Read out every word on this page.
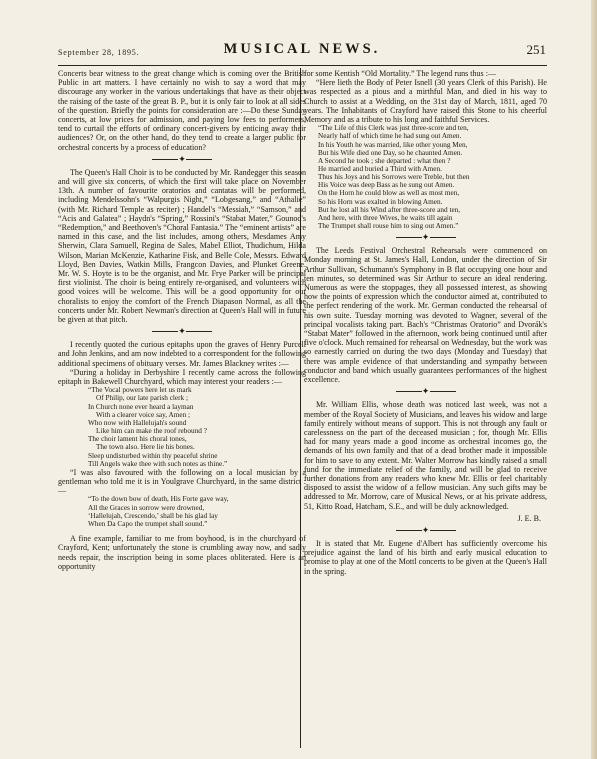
September 28, 1895.	MUSICAL NEWS.	251

Concerts bear witness to the great change which is coming over the British Public in art matters. I have certainly no wish to say a word that may discourage any worker in the various undertakings that have as their object the raising of the taste of the great B. P., but it is only fair to look at all sides of the question. Briefly the points for consideration are :—Do these Sunday concerts, at low prices for admission, and paying low fees to performers, tend to curtail the efforts of ordinary concert-givers by enticing away their audiences? Or, on the other hand, do they tend to create a larger public for orchestral concerts by a process of education?

✦

The Queen's Hall Choir is to be conducted by Mr. Randegger this season and will give six concerts, of which the first will take place on November 13th. A number of favourite oratorios and cantatas will be performed, including Mendelssohn's “Walpurgis Night,” “Lobgesang,” and “Athalie” (with Mr. Richard Temple as reciter) ; Handel's “Messiah,” “Samson,” and “Acis and Galatea” ; Haydn's “Spring,” Rossini's “Stabat Mater,” Gounod's “Redemption,” and Beethoven's “Choral Fantasia.” The “eminent artists” are named in this case, and the list includes, among others, Mesdames Amy Sherwin, Clara Samuell, Regina de Sales, Mabel Elliot, Thudichum, Hilda Wilson, Marian McKenzie, Katharine Fisk, and Belle Cole, Messrs. Edward Lloyd, Ben Davies, Watkin Mills, Frangcon Davies, and Plunket Greene. Mr. W. S. Hoyte is to be the organist, and Mr. Frye Parker will be principal first violinist. The choir is being entirely re-organised, and volunteers with good voices will be welcome. This will be a good opportunity for our choralists to enjoy the comfort of the French Diapason Normal, as all the concerts under Mr. Robert Newman's direction at Queen's Hall will in future be given at that pitch.

✦

I recently quoted the curious epitaphs upon the graves of Henry Purcell and John Jenkins, and am now indebted to a correspondent for the following additional specimens of obituary verses. Mr. James Blackney writes :—

“During a holiday in Derbyshire I recently came across the following epitaph in Bakewell Churchyard, which may interest your readers :—

“The Vocal powers here let us mark
Of Philip, our late parish clerk ;
In Church none ever heard a layman
With a clearer voice say, Amen ;
Who now with Hallelujah's sound
Like him can make the roof rebound ?
The choir lament his choral tones,
The town also. Here lie his bones.
Sleep undisturbed within thy peaceful shrine
Till Angels wake thee with such notes as thine.”

“I was also favoured with the following on a local musician by a gentleman who told me it is in Youlgrave Churchyard, in the same district :—

“To the down bow of death, His Forte gave way,
All the Graces in sorrow were drowned,
‘Hallelujah, Crescendo,’ shall be his glad lay
When Da Capo the trumpet shall sound.”

A fine example, familiar to me from boyhood, is in the churchyard of Crayford, Kent; unfortunately the stone is crumbling away now, and sadly needs repair, the inscription being in some places obliterated. Here is an opportunity

for some Kentish “Old Mortality.” The legend runs thus :—

“Here lieth the Body of Peter Isnell (30 years Clerk of this Parish). He was respected as a pious and a mirthful Man, and died in his way to Church to assist at a Wedding, on the 31st day of March, 1811, aged 70 years. The Inhabitants of Crayford have raised this Stone to his cheerful Memory and as a tribute to his long and faithful Services.

“The Life of this Clerk was just three-score and ten,
Nearly half of which time he had sung out Amen.
In his Youth he was married, like other young Men,
But his Wife died one Day, so he chaunted Amen.
A Second he took ; she departed : what then ?
He married and buried a Third with Amen.
Thus his Joys and his Sorrows were Treble, but then
His Voice was deep Bass as he sung out Amen.
On the Horn he could blow as well as most men,
So his Horn was exalted in blowing Amen.
But he lost all his Wind after three-score and ten,
And here, with three Wives, he waits till again
The Trumpet shall rouse him to sing out Amen.”
✦

The Leeds Festival Orchestral Rehearsals were commenced on Monday morning at St. James's Hall, London, under the direction of Sir Arthur Sullivan, Schumann's Symphony in B flat occupying one hour and ten minutes, so determined was Sir Arthur to secure an ideal rendering. Numerous as were the stoppages, they all possessed interest, as showing how the points of expression which the conductor aimed at, contributed to the perfect rendering of the work. Mr. German conducted the rehearsal of his own suite. Tuesday morning was devoted to Wagner, several of the principal vocalists taking part. Bach's “Christmas Oratorio” and Dvorák's “Stabat Mater” followed in the afternoon, work being continued until after five o'clock. Much remained for rehearsal on Wednesday, but the work was so earnestly carried on during the two days (Monday and Tuesday) that there was ample evidence of that understanding and sympathy between conductor and band which usually guarantees performances of the highest excellence.

✦

Mr. William Ellis, whose death was noticed last week, was not a member of the Royal Society of Musicians, and leaves his widow and large family entirely without means of support. This is not through any fault or carelessness on the part of the deceased musician ; for, though Mr. Ellis had for many years made a good income as orchestral incomes go, the demands of his own family and that of a dead brother made it impossible for him to save to any extent. Mr. Walter Morrow has kindly raised a small fund for the immediate relief of the family, and will be glad to receive further donations from any readers who knew Mr. Ellis or feel charitably disposed to assist the widow of a fellow musician. Any such gifts may be addressed to Mr. Morrow, care of Musical News, or at his private address, 51, Kitto Road, Hatcham, S.E., and will be duly acknowledged.

J. E. B.
✦

It is stated that Mr. Eugene d'Albert has sufficiently overcome his prejudice against the land of his birth and early musical education to promise to play at one of the Mottl concerts to be given at the Queen's Hall in the spring.
